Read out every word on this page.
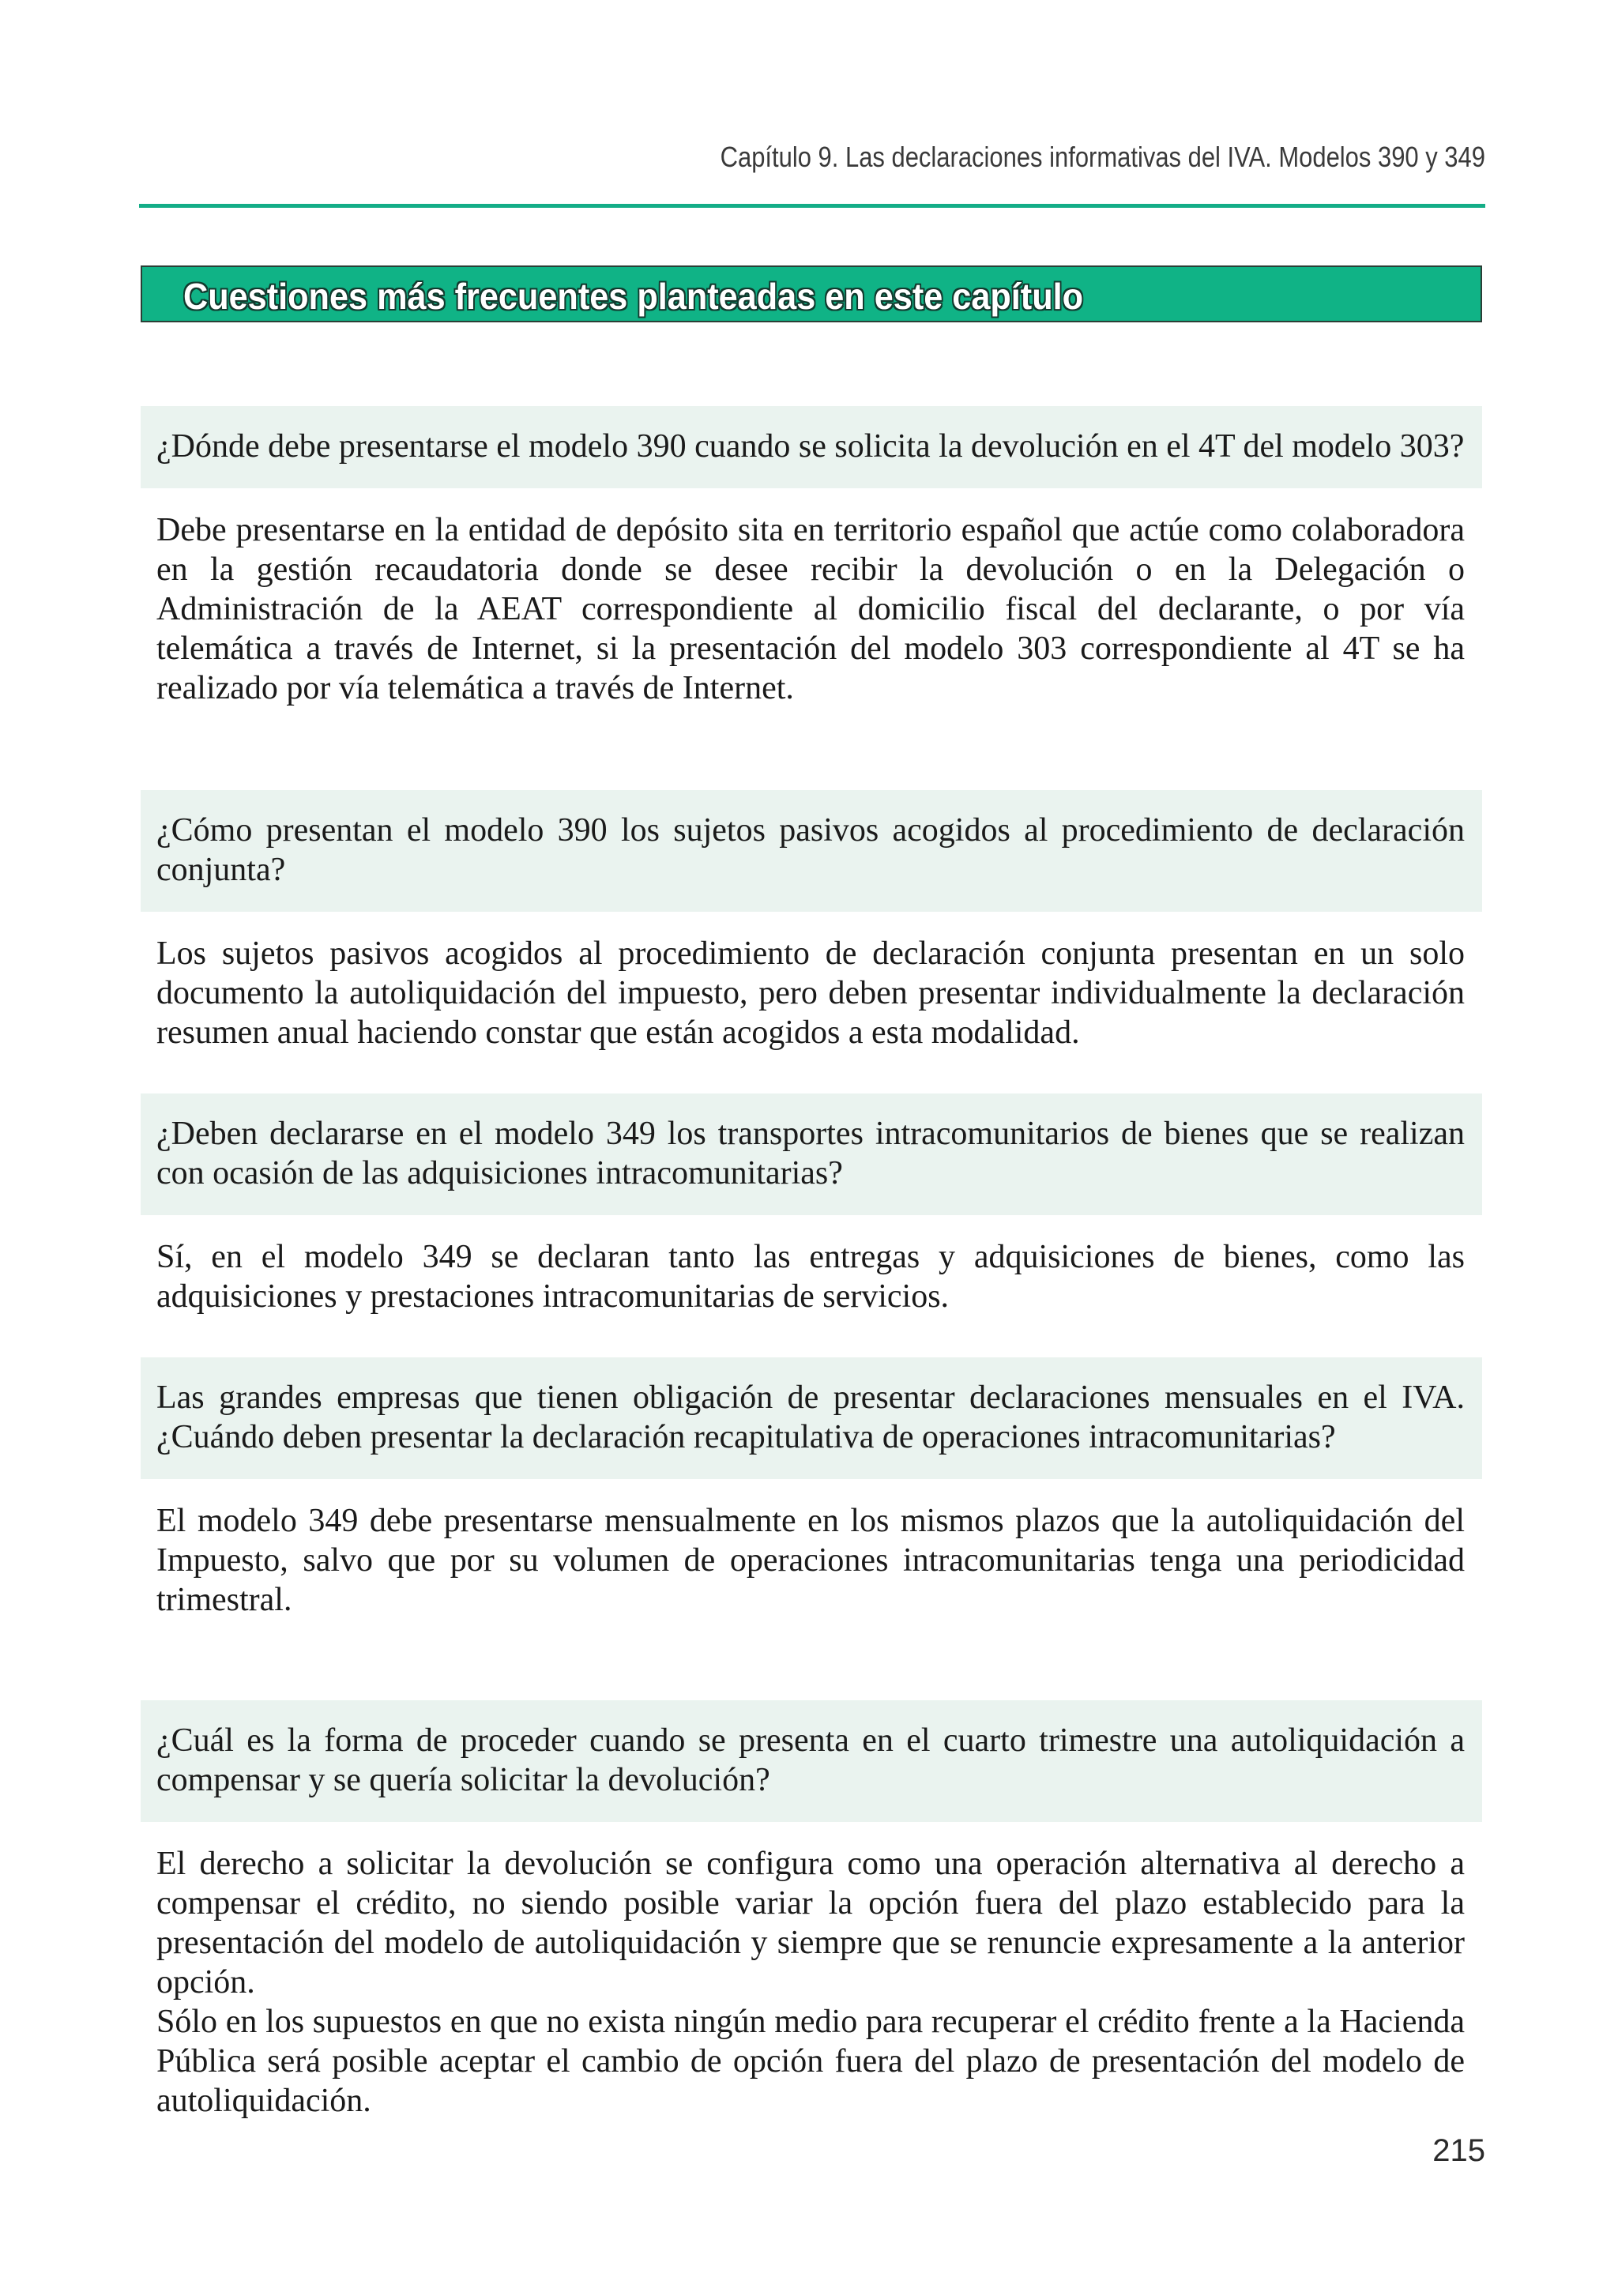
Capítulo 9. Las declaraciones informativas del IVA. Modelos 390 y 349
Cuestiones más frecuentes planteadas en este capítulo
¿Dónde debe presentarse el modelo 390 cuando se solicita la devolución en el 4T del modelo 303?

Debe presentarse en la entidad de depósito sita en territorio español que actúe como colaboradora en la gestión recaudatoria donde se desee recibir la devolución o en la Delegación o Administración de la AEAT correspondiente al domicilio fiscal del declarante, o por vía telemática a través de Internet, si la presentación del modelo 303 correspondiente al 4T se ha realizado por vía telemática a través de Internet.

¿Cómo presentan el modelo 390 los sujetos pasivos acogidos al procedimiento de declaración conjunta?

Los sujetos pasivos acogidos al procedimiento de declaración conjunta presentan en un solo documento la autoliquidación del impuesto, pero deben presentar individualmente la declaración resumen anual haciendo constar que están acogidos a esta modalidad.

¿Deben declararse en el modelo 349 los transportes intracomunitarios de bienes que se realizan con ocasión de las adquisiciones intracomunitarias?

Sí, en el modelo 349 se declaran tanto las entregas y adquisiciones de bienes, como las adquisiciones y prestaciones intracomunitarias de servicios.

Las grandes empresas que tienen obligación de presentar declaraciones mensuales en el IVA. ¿Cuándo deben presentar la declaración recapitulativa de operaciones intracomunitarias?

El modelo 349 debe presentarse mensualmente en los mismos plazos que la autoliquidación del Impuesto, salvo que por su volumen de operaciones intracomunitarias tenga una periodicidad trimestral.

¿Cuál es la forma de proceder cuando se presenta en el cuarto trimestre una autoliquidación a compensar y se quería solicitar la devolución?

El derecho a solicitar la devolución se configura como una operación alternativa al derecho a compensar el crédito, no siendo posible variar la opción fuera del plazo establecido para la presentación del modelo de autoliquidación y siempre que se renuncie expresamente a la anterior opción.

Sólo en los supuestos en que no exista ningún medio para recuperar el crédito frente a la Hacienda Pública será posible aceptar el cambio de opción fuera del plazo de presentación del modelo de autoliquidación.

215
